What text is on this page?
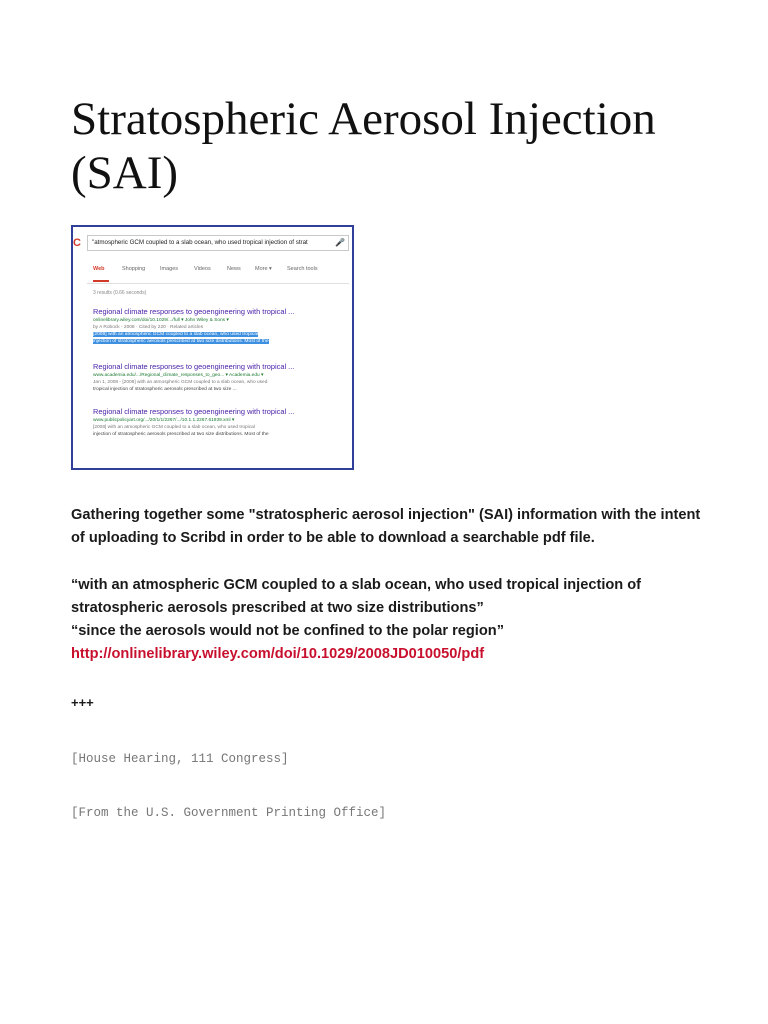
Stratospheric Aerosol Injection (SAI)
C "atmospheric GCM coupled to a slab ocean, who used tropical injection of strat	🎤
Web	Shopping	Images	Videos	News	More ▾	Search tools
3 results (0.66 seconds)
Regional climate responses to geoengineering with tropical ...
onlinelibrary.wiley.com/doi/10.1029/.../full ▾ John Wiley & Sons ▾
by A Robock - 2008 · Cited by 220 · Related articles
[2008] with an atmospheric GCM coupled to a slab ocean, who used tropical
injection of stratospheric aerosols prescribed at two size distributions. Most of the
Regional climate responses to geoengineering with tropical ...
www.academia.edu/.../Regional_climate_responses_to_geo... ▾ Academia.edu ▾
Jan 1, 2008 - [2008] with an atmospheric GCM coupled to a slab ocean, who used
tropical injection of stratospheric aerosols prescribed at two size ...
Regional climate responses to geoengineering with tropical ...
www.publicpolicyart.org/.../20/1/1/2267/.../10.1.1.2267.61939.xml ▾
[2008] with an atmospheric GCM coupled to a slab ocean, who used tropical
injection of stratospheric aerosols prescribed at two size distributions. Most of the

Gathering together some "stratospheric aerosol injection" (SAI) information with the intent of uploading to Scribd in order to be able to download a searchable pdf file.

“with an atmospheric GCM coupled to a slab ocean, who used tropical injection of stratospheric aerosols prescribed at two size distributions”

“since the aerosols would not be confined to the polar region”

http://onlinelibrary.wiley.com/doi/10.1029/2008JD010050/pdf

+++

[House Hearing, 111 Congress]

[From the U.S. Government Printing Office]
